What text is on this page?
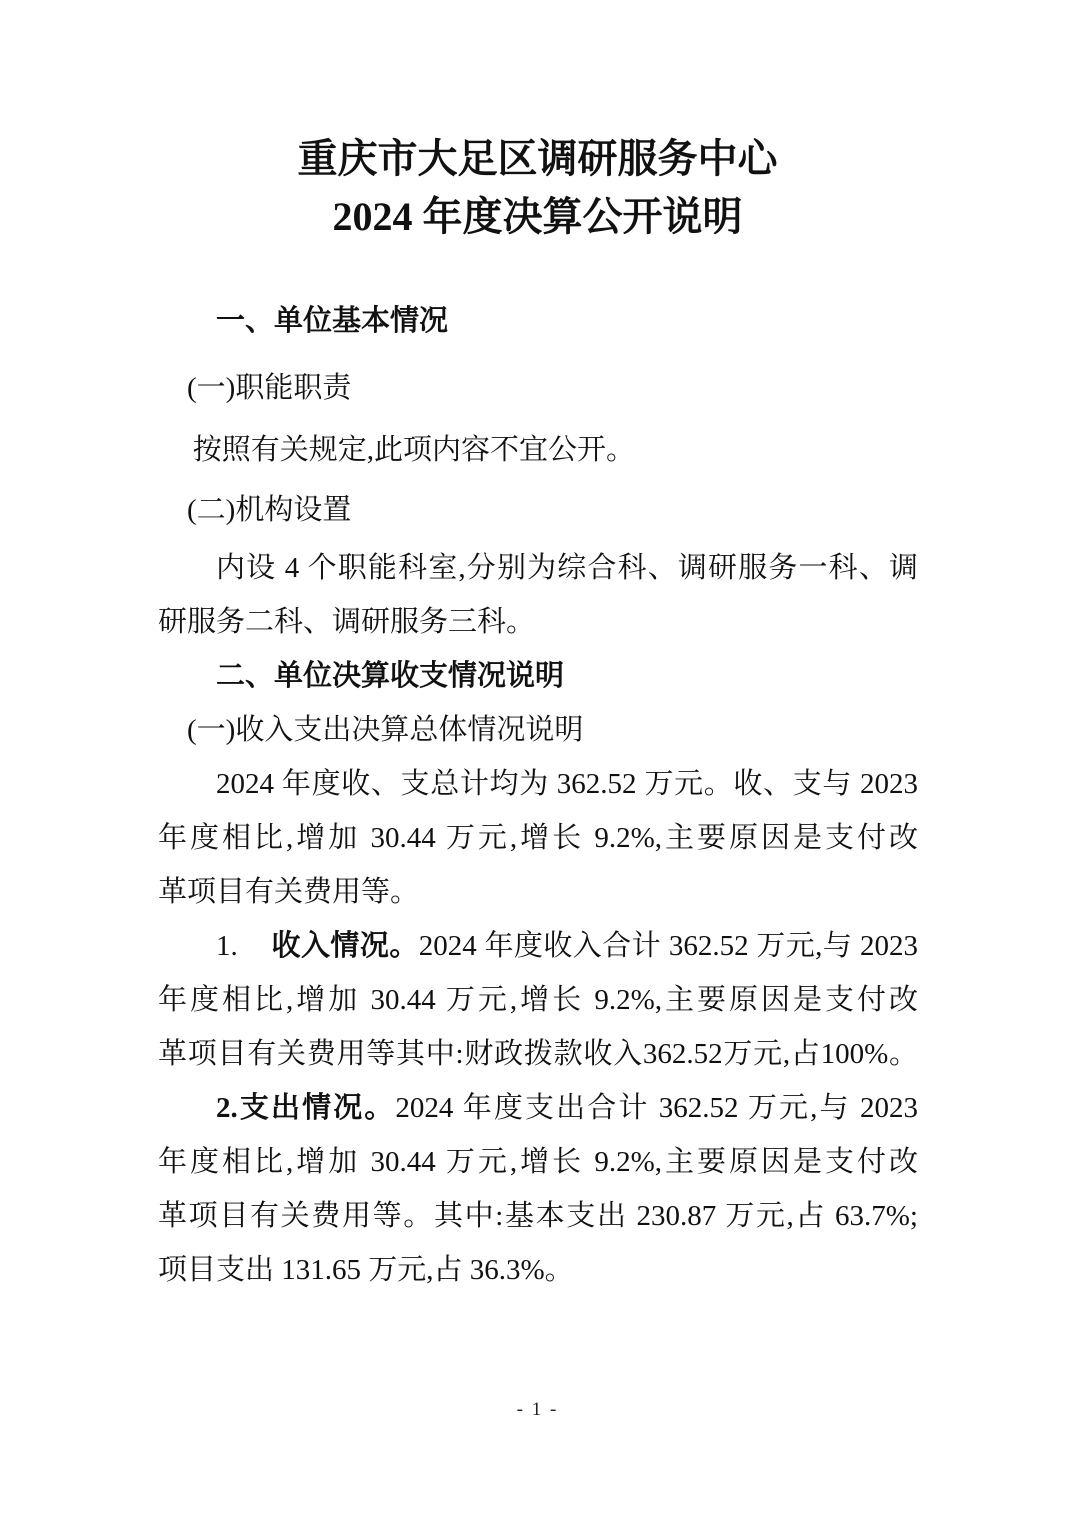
重庆市大足区调研服务中心
2024 年度决算公开说明
一、单位基本情况
(一)职能职责
按照有关规定,此项内容不宜公开。
(二)机构设置
内设 4 个职能科室,分别为综合科、调研服务一科、调
研服务二科、调研服务三科。
二、单位决算收支情况说明
(一)收入支出决算总体情况说明
2024 年度收、支总计均为 362.52 万元。收、支与 2023
年度相比,增加 30.44 万元,增长 9.2%,主要原因是支付改
革项目有关费用等。
1. 收入情况。2024 年度收入合计 362.52 万元,与 2023
年度相比,增加 30.44 万元,增长 9.2%,主要原因是支付改
革项目有关费用等其中:财政拨款收入362.52万元,占100%。
2.支出情况。2024 年度支出合计 362.52 万元,与 2023
年度相比,增加 30.44 万元,增长 9.2%,主要原因是支付改
革项目有关费用等。其中:基本支出 230.87 万元,占 63.7%;
项目支出 131.65 万元,占 36.3%。
- 1 -
